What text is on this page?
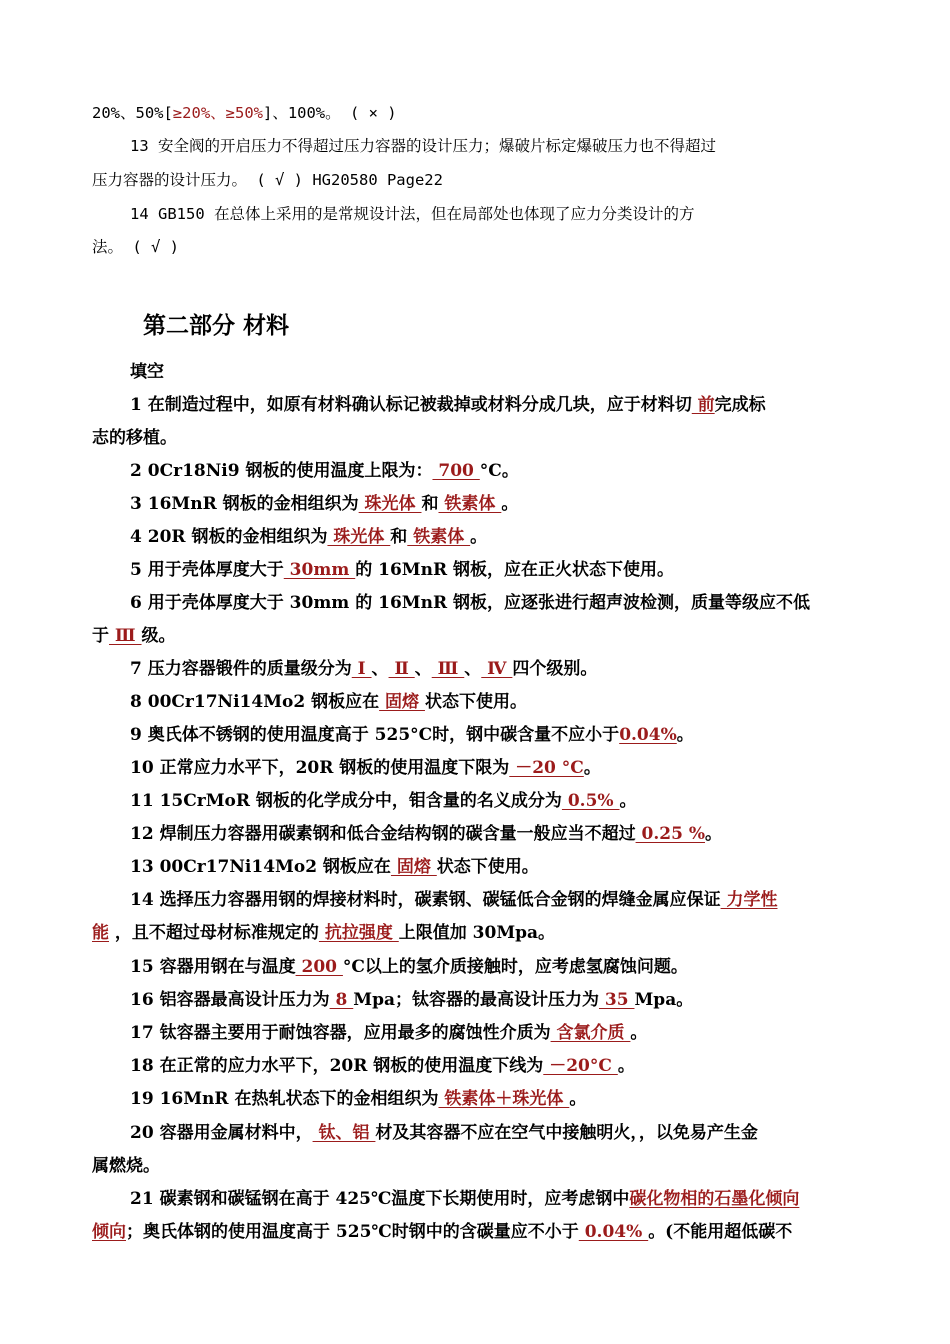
20%、50%[≥20%、≥50%]、100%。 ( × )
13 安全阀的开启压力不得超过压力容器的设计压力；爆破片标定爆破压力也不得超过
压力容器的设计压力。 ( √ ) HG20580 Page22
14 GB150 在总体上采用的是常规设计法，但在局部处也体现了应力分类设计的方
法。 ( √ )
第二部分 材料
填空
1 在制造过程中，如原有材料确认标记被裁掉或材料分成几块，应于材料切 前完成标
志的移植。
2 0Cr18Ni9 钢板的使用温度上限为： 700 °C。
3 16MnR 钢板的金相组织为 珠光体 和 铁素体 。
4 20R 钢板的金相组织为 珠光体 和 铁素体 。
5 用于壳体厚度大于 30mm 的 16MnR 钢板，应在正火状态下使用。
6 用于壳体厚度大于 30mm 的 16MnR 钢板，应逐张进行超声波检测，质量等级应不低
于 Ⅲ 级。
7 压力容器锻件的质量级分为 Ⅰ 、 Ⅱ 、 Ⅲ 、 Ⅳ 四个级别。
8 00Cr17Ni14Mo2 钢板应在 固熔 状态下使用。
9 奥氏体不锈钢的使用温度高于 525°C时，钢中碳含量不应小于0.04%。
10 正常应力水平下，20R 钢板的使用温度下限为 －20 °C。
11 15CrMoR 钢板的化学成分中，钼含量的名义成分为 0.5% 。
12 焊制压力容器用碳素钢和低合金结构钢的碳含量一般应当不超过 0.25 %。
13 00Cr17Ni14Mo2 钢板应在 固熔 状态下使用。
14 选择压力容器用钢的焊接材料时，碳素钢、碳锰低合金钢的焊缝金属应保证 力学性
能 ，且不超过母材标准规定的 抗拉强度 上限值加 30Mpa。
15 容器用钢在与温度 200 °C以上的氢介质接触时，应考虑氢腐蚀问题。
16 铝容器最高设计压力为 8 Mpa；钛容器的最高设计压力为 35 Mpa。
17 钛容器主要用于耐蚀容器，应用最多的腐蚀性介质为 含氯介质 。
18 在正常的应力水平下，20R 钢板的使用温度下线为 －20°C 。
19 16MnR 在热轧状态下的金相组织为 铁素体＋珠光体 。
20 容器用金属材料中， 钛、铝 材及其容器不应在空气中接触明火，，以免易产生金
属燃烧。
21 碳素钢和碳锰钢在高于 425℃温度下长期使用时，应考虑钢中碳化物相的石墨化倾向
倾向；奥氏体钢的使用温度高于 525℃时钢中的含碳量应不小于 0.04% 。(不能用超低碳不
